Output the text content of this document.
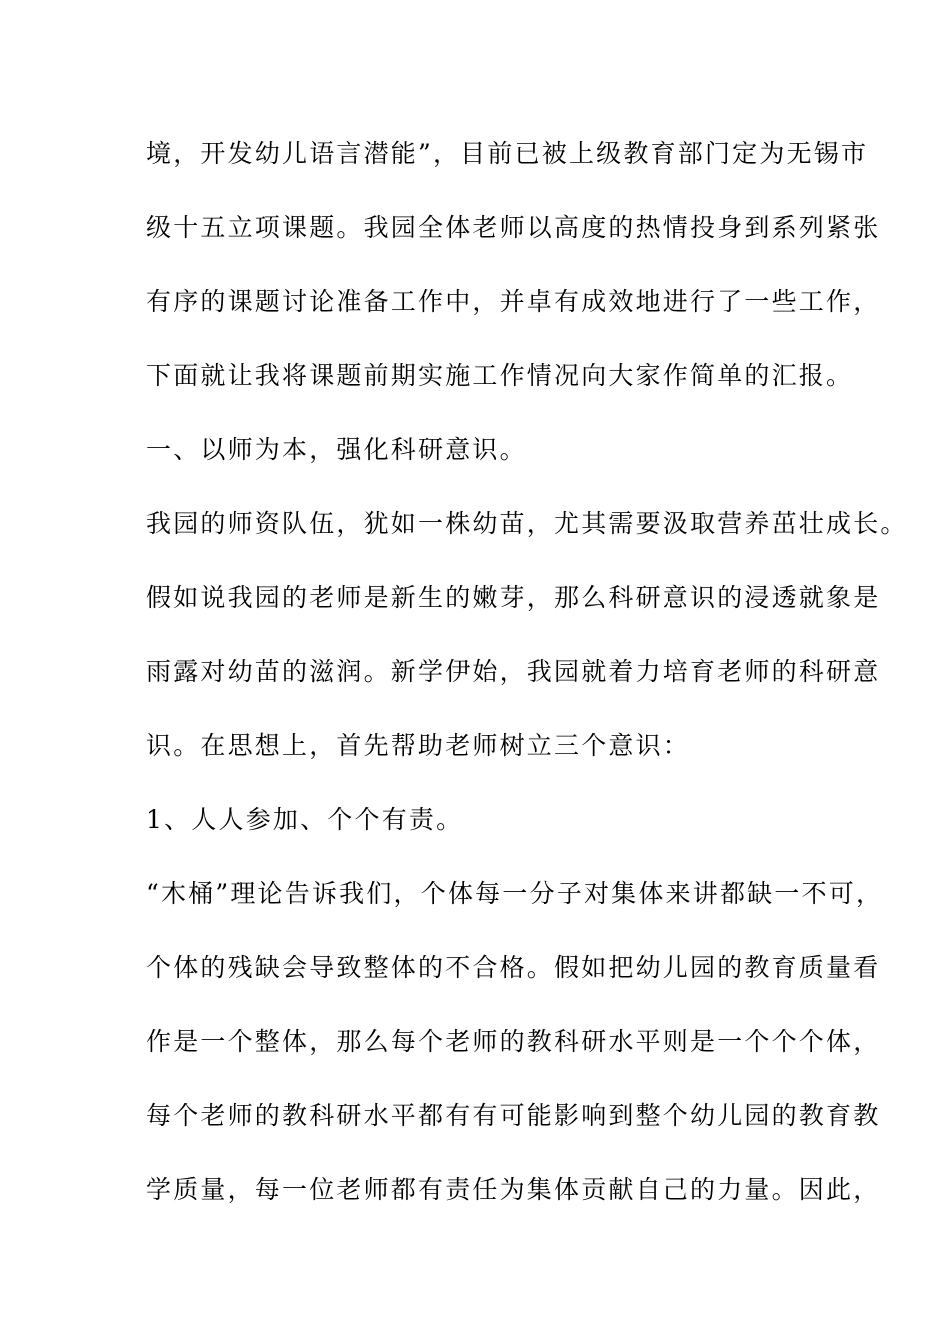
境，开发幼儿语言潜能”，目前已被上级教育部门定为无锡市
级十五立项课题。我园全体老师以高度的热情投身到系列紧张
有序的课题讨论准备工作中，并卓有成效地进行了一些工作，
下面就让我将课题前期实施工作情况向大家作简单的汇报。
一、以师为本，强化科研意识。
我园的师资队伍，犹如一株幼苗，尤其需要汲取营养茁壮成长。
假如说我园的老师是新生的嫩芽，那么科研意识的浸透就象是
雨露对幼苗的滋润。新学伊始，我园就着力培育老师的科研意
识。在思想上，首先帮助老师树立三个意识：
1、人人参加、个个有责。
“木桶”理论告诉我们，个体每一分子对集体来讲都缺一不可，
个体的残缺会导致整体的不合格。假如把幼儿园的教育质量看
作是一个整体，那么每个老师的教科研水平则是一个个个体，
每个老师的教科研水平都有有可能影响到整个幼儿园的教育教
学质量，每一位老师都有责任为集体贡献自己的力量。因此，
